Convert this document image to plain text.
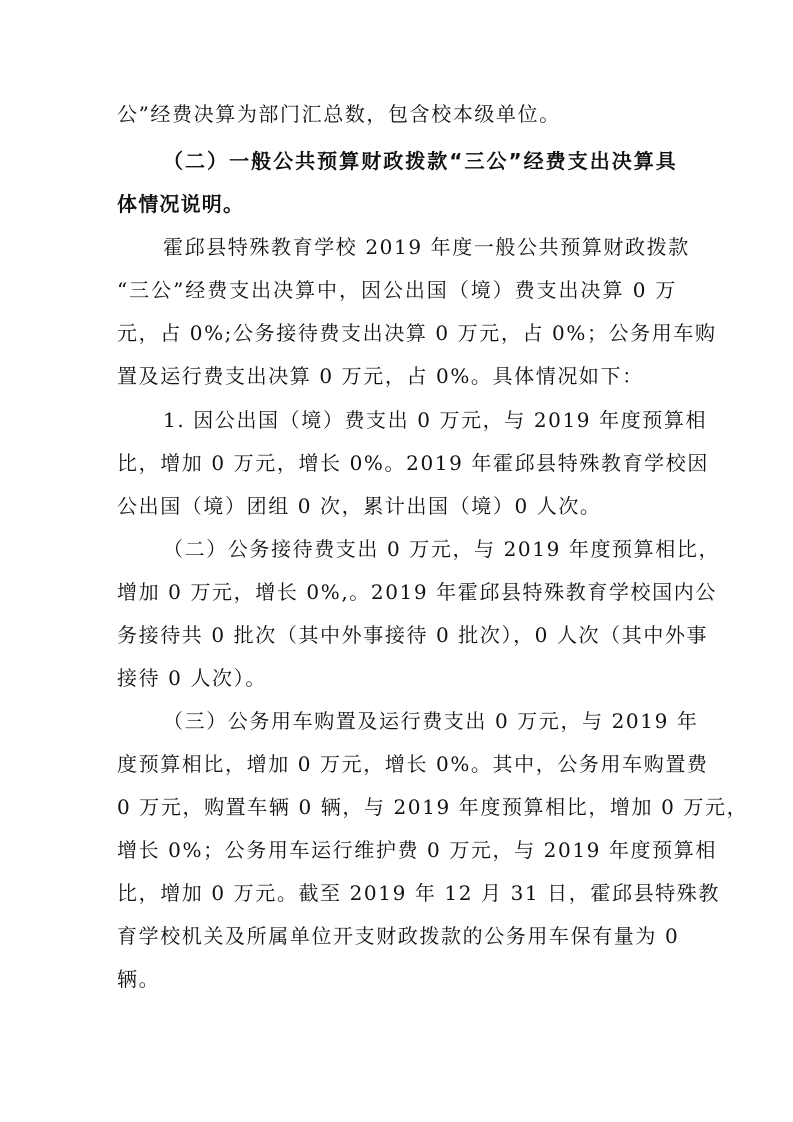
公”经费决算为部门汇总数，包含校本级单位。
（二）一般公共预算财政拨款“三公”经费支出决算具
体情况说明。
霍邱县特殊教育学校 2019 年度一般公共预算财政拨款
“三公”经费支出决算中，因公出国（境）费支出决算 0 万
元，占 0%;公务接待费支出决算 0 万元，占 0%；公务用车购
置及运行费支出决算 0 万元，占 0%。具体情况如下：
1. 因公出国（境）费支出 0 万元，与 2019 年度预算相
比，增加 0 万元，增长 0%。2019 年霍邱县特殊教育学校因
公出国（境）团组 0 次，累计出国（境）0 人次。
（二）公务接待费支出 0 万元，与 2019 年度预算相比，
增加 0 万元，增长 0%,。2019 年霍邱县特殊教育学校国内公
务接待共 0 批次（其中外事接待 0 批次），0 人次（其中外事
接待 0 人次）。
（三）公务用车购置及运行费支出 0 万元，与 2019 年
度预算相比，增加 0 万元，增长 0%。其中，公务用车购置费
0 万元，购置车辆 0 辆，与 2019 年度预算相比，增加 0 万元，
增长 0%；公务用车运行维护费 0 万元，与 2019 年度预算相
比，增加 0 万元。截至 2019 年 12 月 31 日，霍邱县特殊教
育学校机关及所属单位开支财政拨款的公务用车保有量为 0
辆。
